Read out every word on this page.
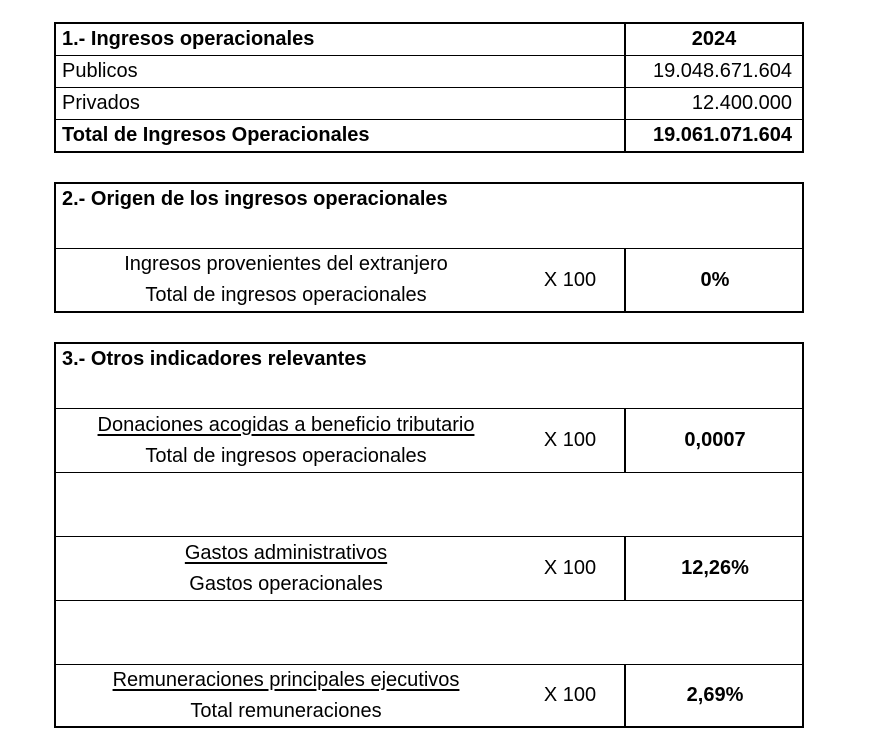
1.- Ingresos operacionales	2024
Publicos	19.048.671.604
Privados	12.400.000
Total de Ingresos Operacionales	19.061.071.604
2.- Origen de los ingresos operacionales
Ingresos provenientes del extranjero
Total de ingresos operacionales
X 100	0%
3.- Otros indicadores relevantes
Donaciones acogidas a beneficio tributario
Total de ingresos operacionales
X 100	0,0007
Gastos administrativos
Gastos operacionales
X 100	12,26%
Remuneraciones principales ejecutivos
Total remuneraciones
X 100	2,69%
